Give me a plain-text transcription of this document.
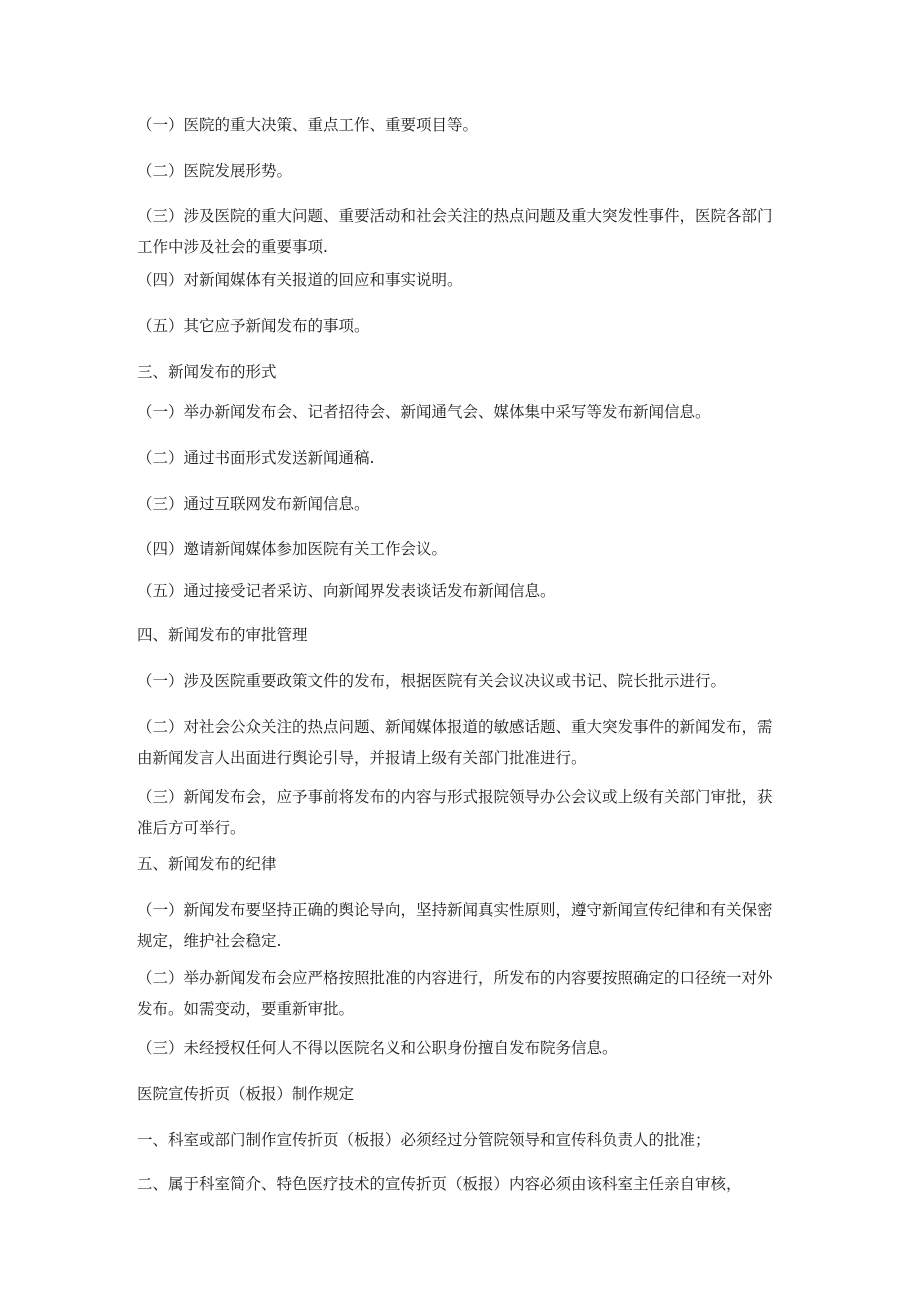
（一）医院的重大决策、重点工作、重要项目等。

（二）医院发展形势。

（三）涉及医院的重大问题、重要活动和社会关注的热点问题及重大突发性事件，医院各部门工作中涉及社会的重要事项.

（四）对新闻媒体有关报道的回应和事实说明。

（五）其它应予新闻发布的事项。

三、新闻发布的形式

（一）举办新闻发布会、记者招待会、新闻通气会、媒体集中采写等发布新闻信息。

（二）通过书面形式发送新闻通稿.

（三）通过互联网发布新闻信息。

（四）邀请新闻媒体参加医院有关工作会议。

（五）通过接受记者采访、向新闻界发表谈话发布新闻信息。

四、新闻发布的审批管理

（一）涉及医院重要政策文件的发布，根据医院有关会议决议或书记、院长批示进行。

（二）对社会公众关注的热点问题、新闻媒体报道的敏感话题、重大突发事件的新闻发布，需由新闻发言人出面进行舆论引导，并报请上级有关部门批准进行。

（三）新闻发布会，应予事前将发布的内容与形式报院领导办公会议或上级有关部门审批，获准后方可举行。

五、新闻发布的纪律

（一）新闻发布要坚持正确的舆论导向，坚持新闻真实性原则，遵守新闻宣传纪律和有关保密规定，维护社会稳定.

（二）举办新闻发布会应严格按照批准的内容进行，所发布的内容要按照确定的口径统一对外发布。如需变动，要重新审批。

（三）未经授权任何人不得以医院名义和公职身份擅自发布院务信息。

医院宣传折页（板报）制作规定

一、科室或部门制作宣传折页（板报）必须经过分管院领导和宣传科负责人的批准；

二、属于科室简介、特色医疗技术的宣传折页（板报）内容必须由该科室主任亲自审核，
